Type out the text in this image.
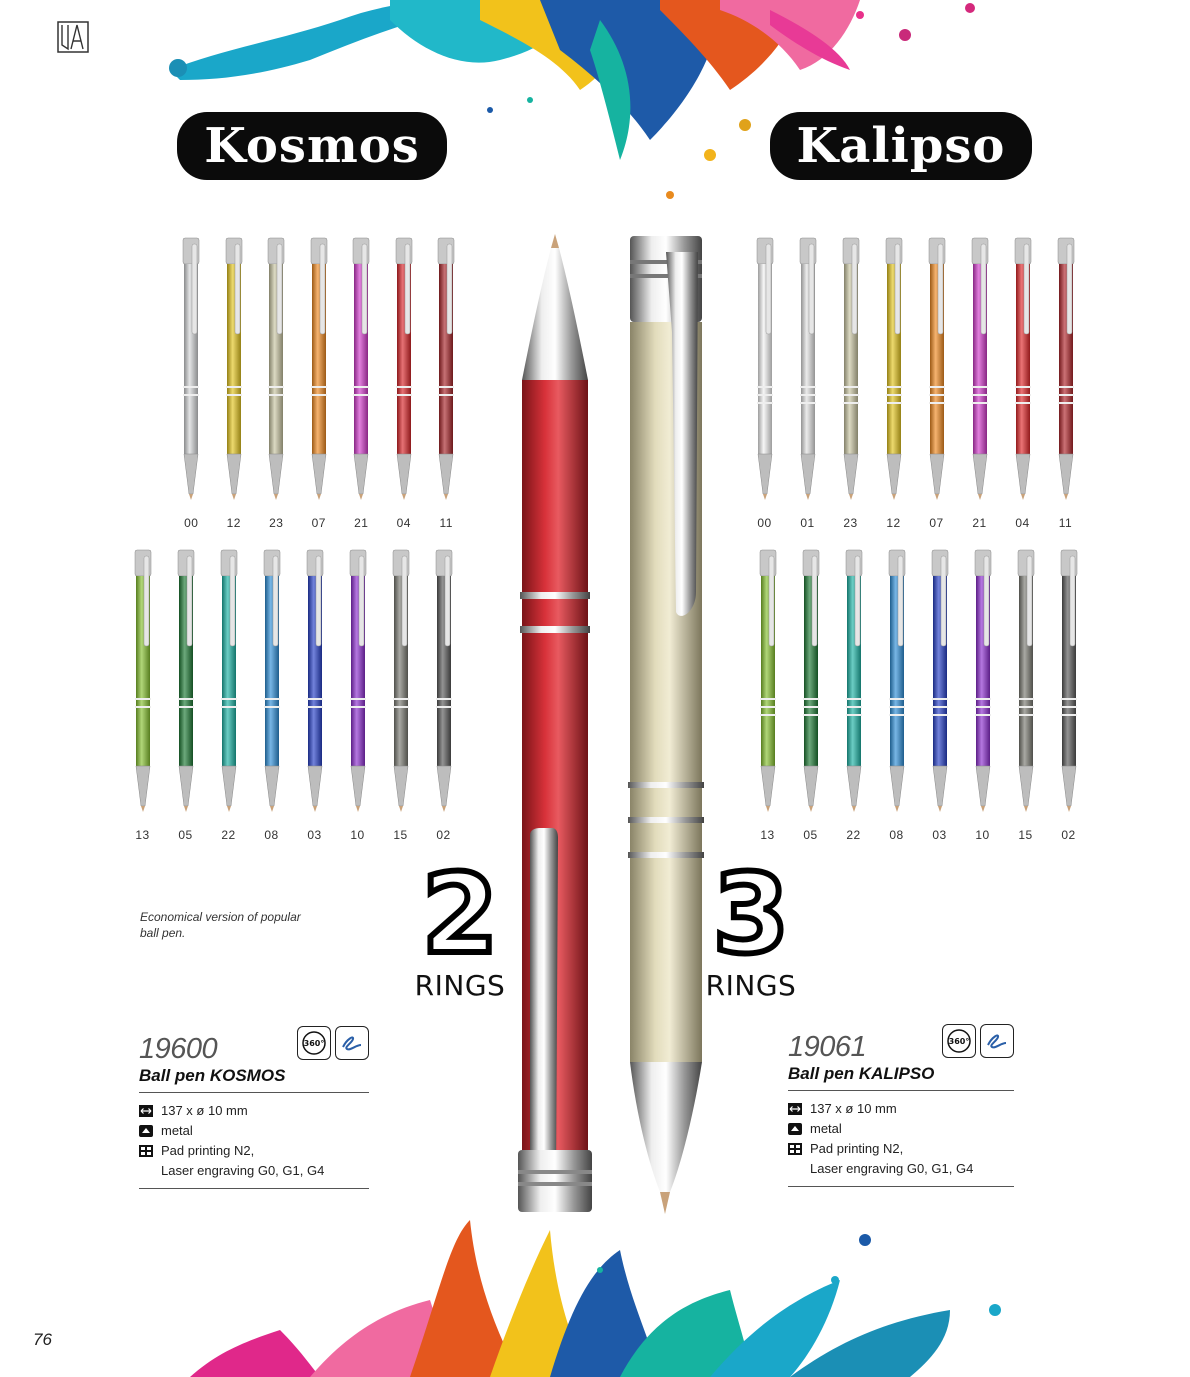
Kosmos	Kalipso
00 12 23 07 21 04 11
13 05 22 08 03 10 15 02
00 01 23 12 07 21 04 11
13 05 22 08 03 10 15 02
2
RINGS
3
RINGS
Economical version of popular
ball pen.
19600	360°
Ball pen KOSMOS
137 x ø 10 mm
metal
Pad printing N2,
Laser engraving G0, G1, G4
19061	360°
Ball pen KALIPSO
137 x ø 10 mm
metal
Pad printing N2,
Laser engraving G0, G1, G4
76
